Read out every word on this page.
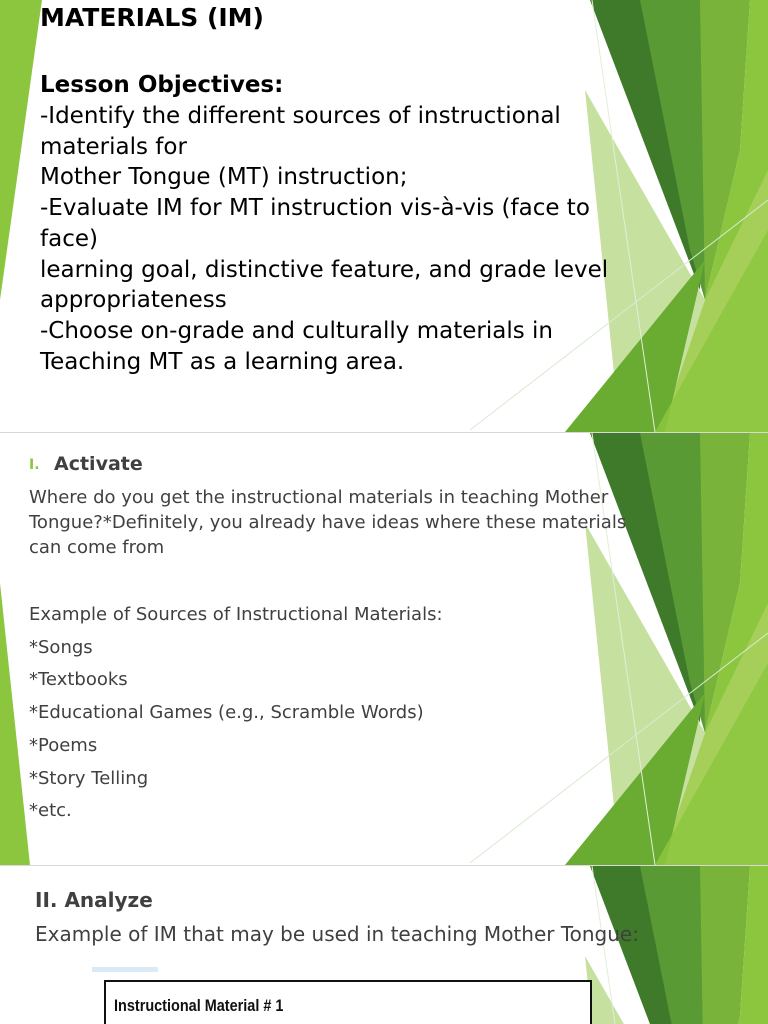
MATERIALS (IM)
Lesson Objectives:
-Identify the different sources of instructional
materials for
Mother Tongue (MT) instruction;
-Evaluate IM for MT instruction vis-à-vis (face to
face)
learning goal, distinctive feature, and grade level
appropriateness
-Choose on-grade and culturally materials in
Teaching MT as a learning area.
I. Activate
Where do you get the instructional materials in teaching Mother
Tongue?*Definitely, you already have ideas where these materials
can come from
Example of Sources of Instructional Materials:
*Songs
*Textbooks
*Educational Games (e.g., Scramble Words)
*Poems
*Story Telling
*etc.
II. Analyze
Example of IM that may be used in teaching Mother Tongue:
Instructional Material # 1
